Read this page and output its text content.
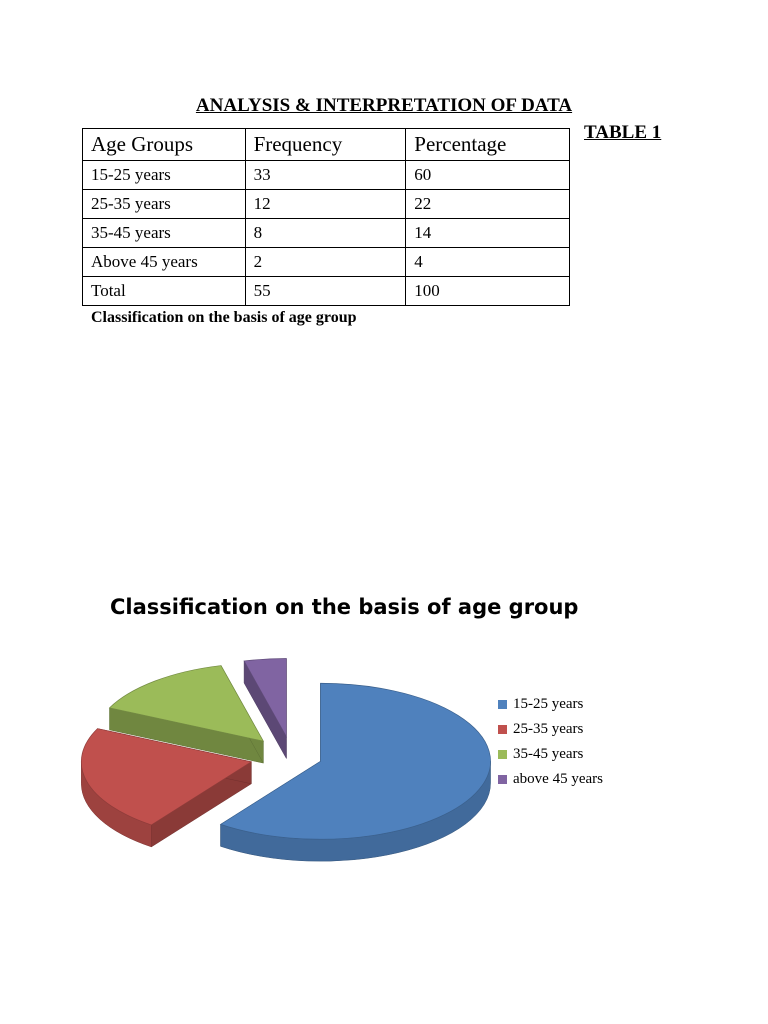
ANALYSIS & INTERPRETATION OF DATA
TABLE 1
Age Groups	Frequency	Percentage
15-25 years	33	60
25-35 years	12	22
35-45 years	8	14
Above 45 years	2	4
Total	55	100
Classification on the basis of age group
Classification on the basis of age group
15-25 years
25-35 years
35-45 years
above 45 years
